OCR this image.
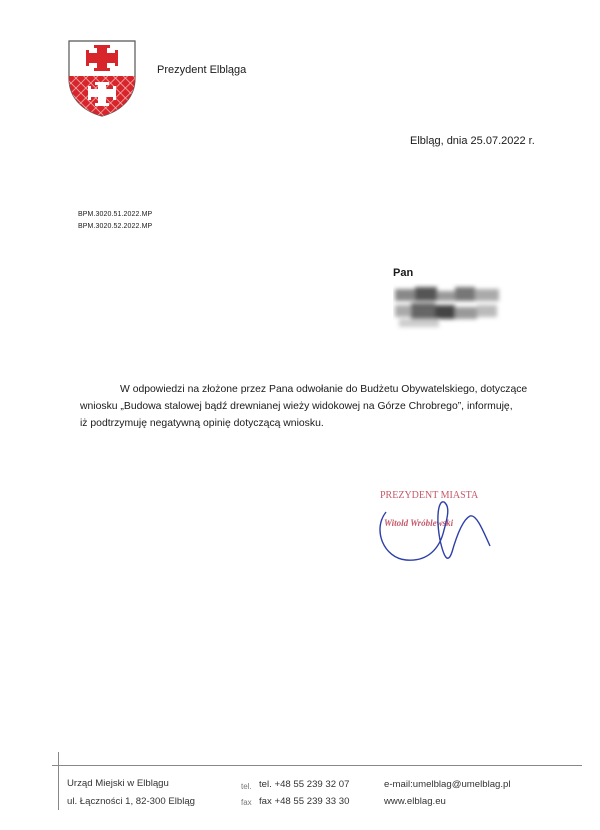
Prezydent Elbląga
Elbląg, dnia 25.07.2022 r.
BPM.3020.51.2022.MP
BPM.3020.52.2022.MP
Pan
W odpowiedzi na złożone przez Pana odwołanie do Budżetu Obywatelskiego, dotyczące
wniosku „Budowa stalowej bądź drewnianej wieży widokowej na Górze Chrobrego”, informuję,
iż podtrzymuję negatywną opinię dotyczącą wniosku.
PREZYDENT MIASTA
Witold Wróblewski
Urząd Miejski w Elblągu
ul. Łączności 1, 82-300 Elbląg
tel.
fax
tel. +48 55 239 32 07
fax +48 55 239 33 30
e-mail:umelblag@umelblag.pl
www.elblag.eu
